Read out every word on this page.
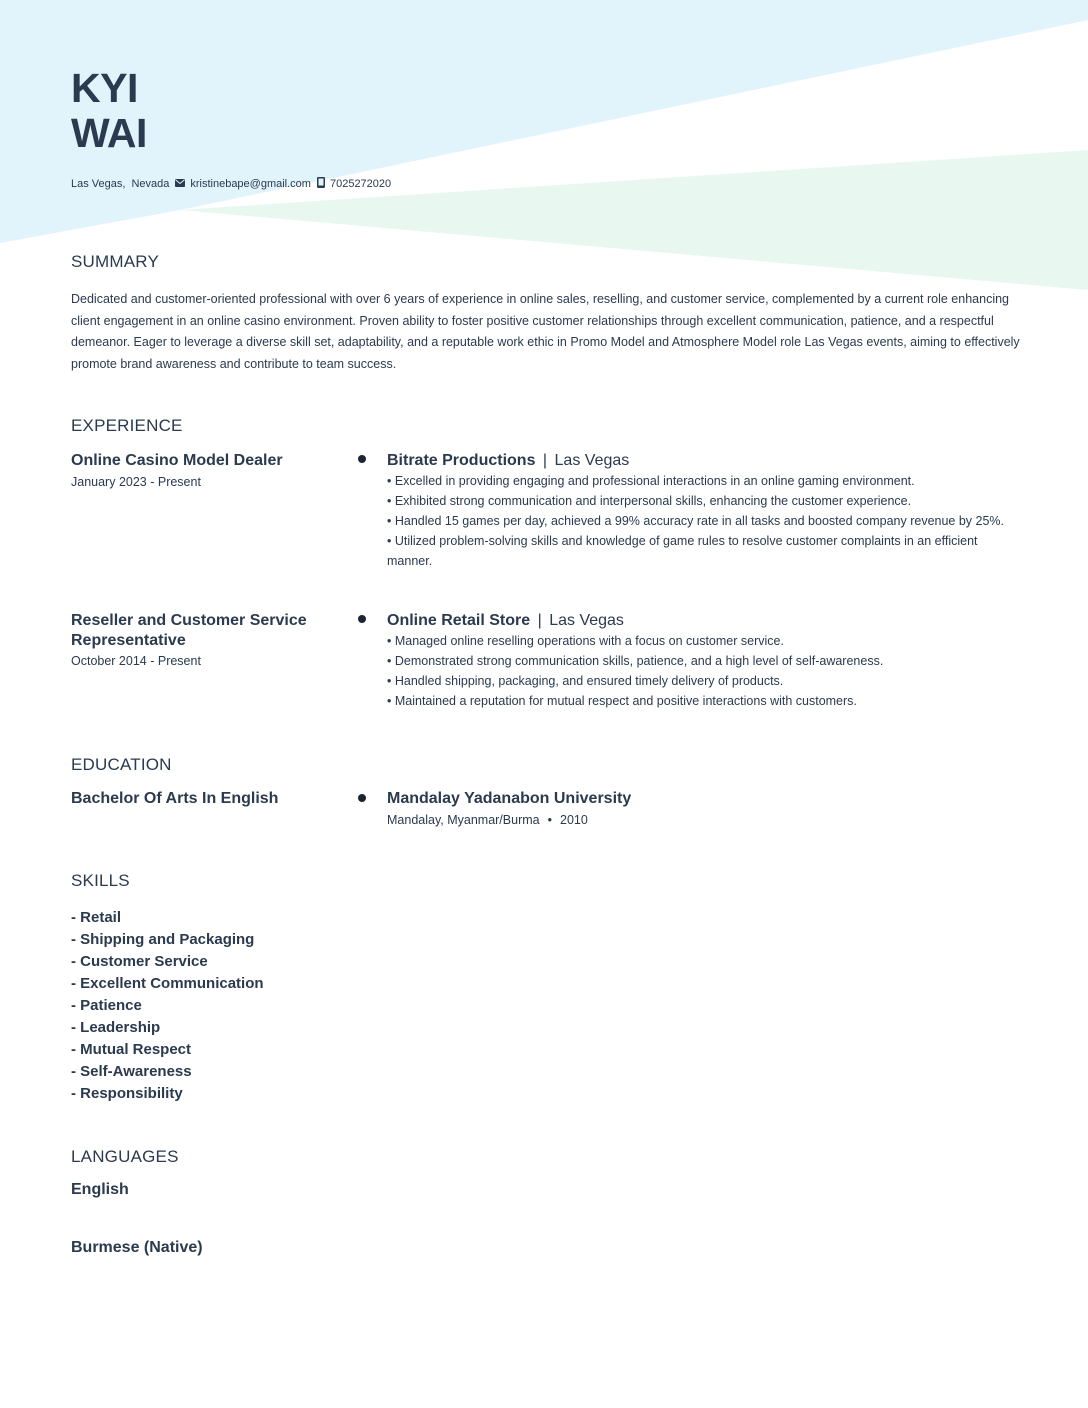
KYI
WAI
Las Vegas, Nevada kristinebape@gmail.com 7025272020
SUMMARY

Dedicated and customer-oriented professional with over 6 years of experience in online sales, reselling, and customer service, complemented by a current role enhancing client engagement in an online casino environment. Proven ability to foster positive customer relationships through excellent communication, patience, and a respectful demeanor. Eager to leverage a diverse skill set, adaptability, and a reputable work ethic in Promo Model and Atmosphere Model role Las Vegas events, aiming to effectively promote brand awareness and contribute to team success.

EXPERIENCE
Online Casino Model Dealer
January 2023 - Present
Bitrate Productions | Las Vegas
• Excelled in providing engaging and professional interactions in an online gaming environment.
• Exhibited strong communication and interpersonal skills, enhancing the customer experience.
• Handled 15 games per day, achieved a 99% accuracy rate in all tasks and boosted company revenue by 25%.
• Utilized problem-solving skills and knowledge of game rules to resolve customer complaints in an efficient manner.
Reseller and Customer Service Representative
October 2014 - Present
Online Retail Store | Las Vegas
• Managed online reselling operations with a focus on customer service.
• Demonstrated strong communication skills, patience, and a high level of self-awareness.
• Handled shipping, packaging, and ensured timely delivery of products.
• Maintained a reputation for mutual respect and positive interactions with customers.
EDUCATION
Bachelor Of Arts In English	Mandalay Yadanabon University
Mandalay, Myanmar/Burma • 2010
SKILLS
- Retail
- Shipping and Packaging
- Customer Service
- Excellent Communication
- Patience
- Leadership
- Mutual Respect
- Self-Awareness
- Responsibility
LANGUAGES
English
Burmese (Native)
